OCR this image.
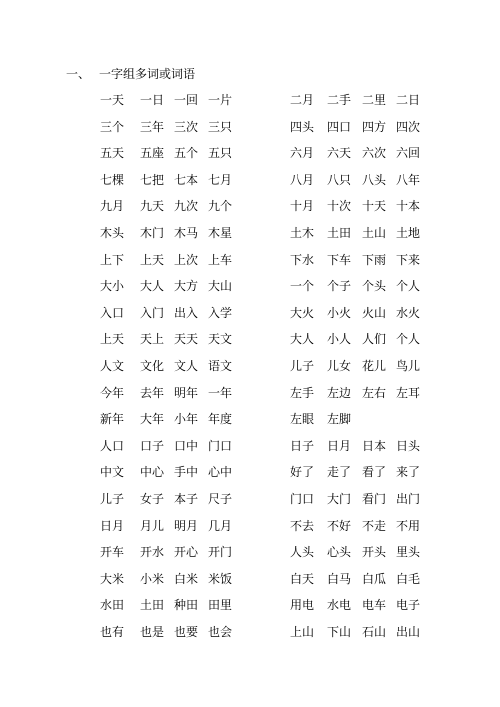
一、 一字组多词或词语
一天 一日 一回 一片	二月 二手 二里 二日
三个 三年 三次 三只	四头 四口 四方 四次
五天 五座 五个 五只	六月 六天 六次 六回
七棵 七把 七本 七月	八月 八只 八头 八年
九月 九天 九次 九个	十月 十次 十天 十本
木头 木门 木马 木星	土木 土田 土山 土地
上下 上天 上次 上车	下水 下车 下雨 下来
大小 大人 大方 大山	一个 个子 个头 个人
入口 入门 出入 入学	大火 小火 火山 水火
上天 天上 天天 天文	大人 小人 人们 个人
人文 文化 文人 语文	儿子 儿女 花儿 鸟儿
今年 去年 明年 一年	左手 左边 左右 左耳
新年 大年 小年 年度	左眼 左脚
人口 口子 口中 门口	日子 日月 日本 日头
中文 中心 手中 心中	好了 走了 看了 来了
儿子 女子 本子 尺子	门口 大门 看门 出门
日月 月儿 明月 几月	不去 不好 不走 不用
开车 开水 开心 开门	人头 心头 开头 里头
大米 小米 白米 米饭	白天 白马 白瓜 白毛
水田 土田 种田 田里	用电 水电 电车 电子
也有 也是 也要 也会	上山 下山 石山 出山
